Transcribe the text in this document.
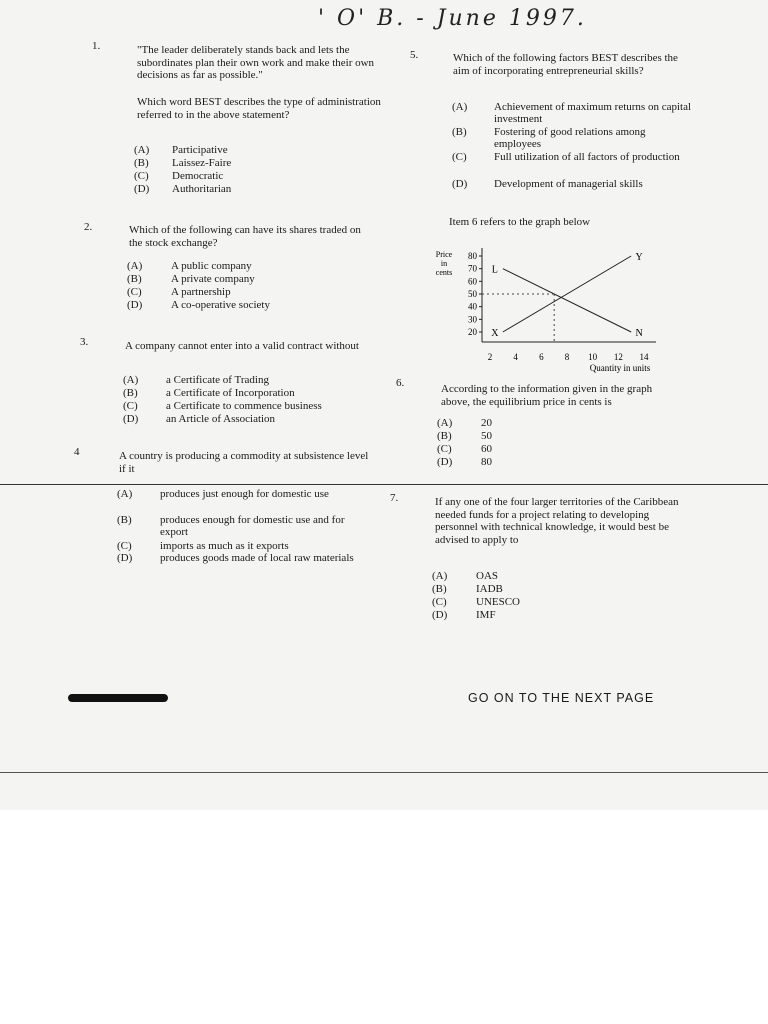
' O' B. - June 1997.
1.	"The leader deliberately stands back and lets the subordinates plan their own work and make their own decisions as far as possible."
Which word BEST describes the type of administration referred to in the above statement?
(A) Participative
(B) Laissez-Faire
(C) Democratic
(D) Authoritarian
2.	Which of the following can have its shares traded on the stock exchange?
(A)	A public company
(B)	A private company
(C)	A partnership
(D)	A co-operative society
3.	A company cannot enter into a valid contract without
(A)	a Certificate of Trading
(B)	a Certificate of Incorporation
(C)	a Certificate to commence business
(D)	an Article of Association
4	A country is producing a commodity at subsistence level if it
(A)	produces just enough for domestic use
(B)	produces enough for domestic use and for export
(C)	imports as much as it exports
(D)	produces goods made of local raw materials
5.	Which of the following factors BEST describes the aim of incorporating entrepreneurial skills?
(A) Achievement of maximum returns on capital investment
(B) Fostering of good relations among employees
(C) Full utilization of all factors of production
(D) Development of managerial skills
Item 6 refers to the graph below
Price
in
cents
Quantity in units
80
70
60
50
40
30
20
2 4 6 8 10 12 14
L
N
X
Y
6.	According to the information given in the graph above, the equilibrium price in cents is
(A)	20
(B)	50
(C)	60
(D)	80
7.	If any one of the four larger territories of the Caribbean needed funds for a project relating to developing personnel with technical knowledge, it would best be advised to apply to
(A)	OAS
(B)	IADB
(C)	UNESCO
(D)	IMF
GO ON TO THE NEXT PAGE
